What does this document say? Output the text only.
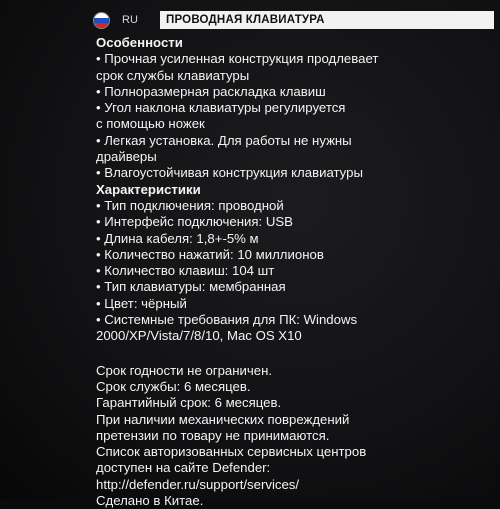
RU	ПРОВОДНАЯ КЛАВИАТУРА
Особенности
• Прочная усиленная конструкция продлевает
срок службы клавиатуры
• Полноразмерная раскладка клавиш
• Угол наклона клавиатуры регулируется
с помощью ножек
• Легкая установка. Для работы не нужны
драйверы
• Влагоустойчивая конструкция клавиатуры
Характеристики
• Тип подключения: проводной
• Интерфейс подключения: USB
• Длина кабеля: 1,8+-5% м
• Количество нажатий: 10 миллионов
• Количество клавиш: 104 шт
• Тип клавиатуры: мембранная
• Цвет: чёрный
• Системные требования для ПК: Windows
2000/XP/Vista/7/8/10, Mac OS X10
Срок годности не ограничен.
Срок службы: 6 месяцев.
Гарантийный срок: 6 месяцев.
При наличии механических повреждений
претензии по товару не принимаются.
Список авторизованных сервисных центров
доступен на сайте Defender:
http://defender.ru/support/services/
Сделано в Китае.
